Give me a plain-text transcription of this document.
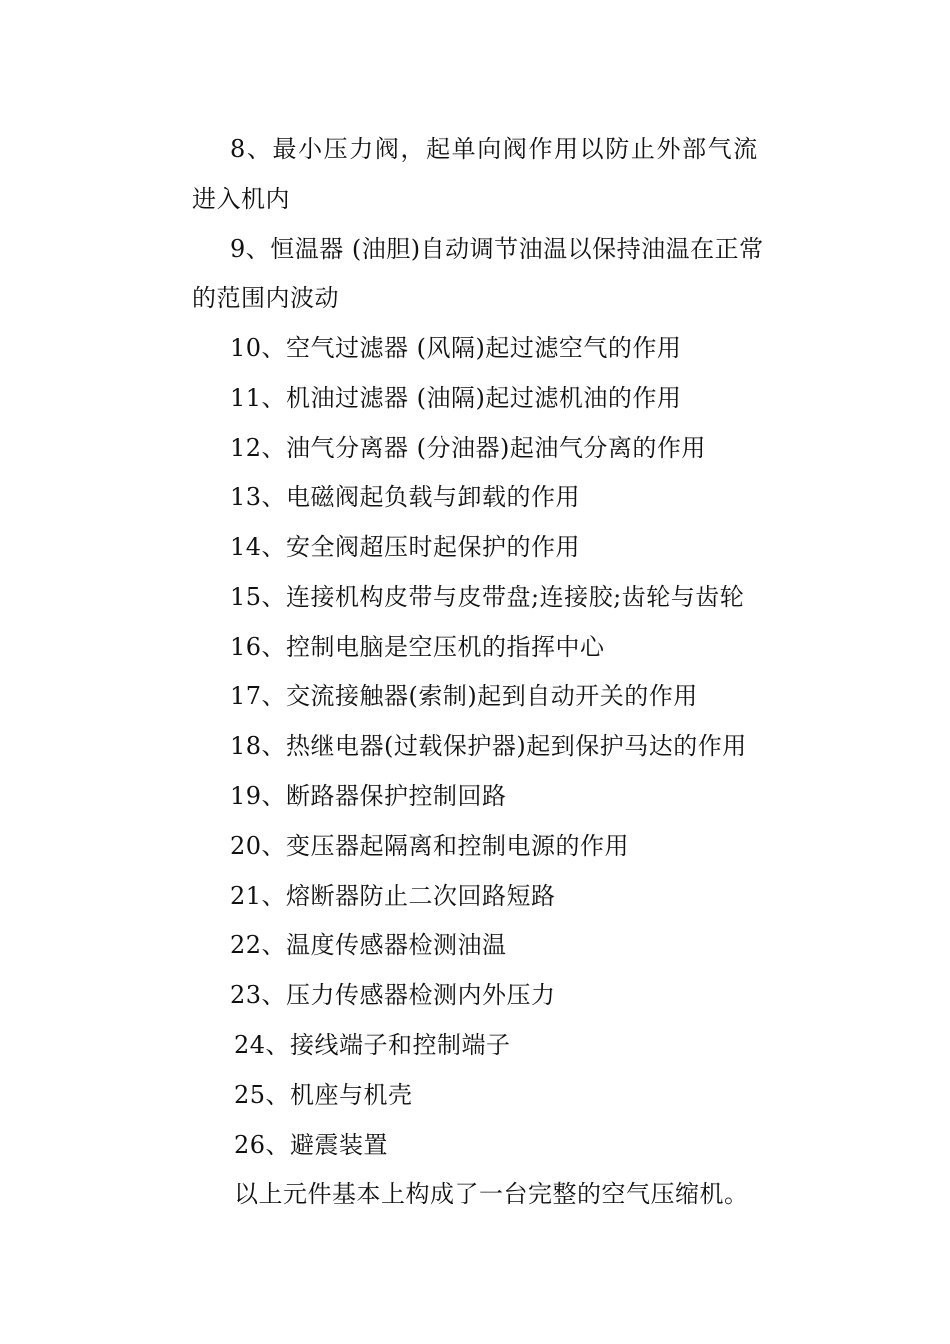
8、最小压力阀，起单向阀作用以防止外部气流
进入机内
9、恒温器 (油胆)自动调节油温以保持油温在正常
的范围内波动
10、空气过滤器 (风隔)起过滤空气的作用
11、机油过滤器 (油隔)起过滤机油的作用
12、油气分离器 (分油器)起油气分离的作用
13、电磁阀起负载与卸载的作用
14、安全阀超压时起保护的作用
15、连接机构皮带与皮带盘;连接胶;齿轮与齿轮
16、控制电脑是空压机的指挥中心
17、交流接触器(索制)起到自动开关的作用
18、热继电器(过载保护器)起到保护马达的作用
19、断路器保护控制回路
20、变压器起隔离和控制电源的作用
21、熔断器防止二次回路短路
22、温度传感器检测油温
23、压力传感器检测内外压力
24、接线端子和控制端子
25、机座与机壳
26、避震装置
以上元件基本上构成了一台完整的空气压缩机。
